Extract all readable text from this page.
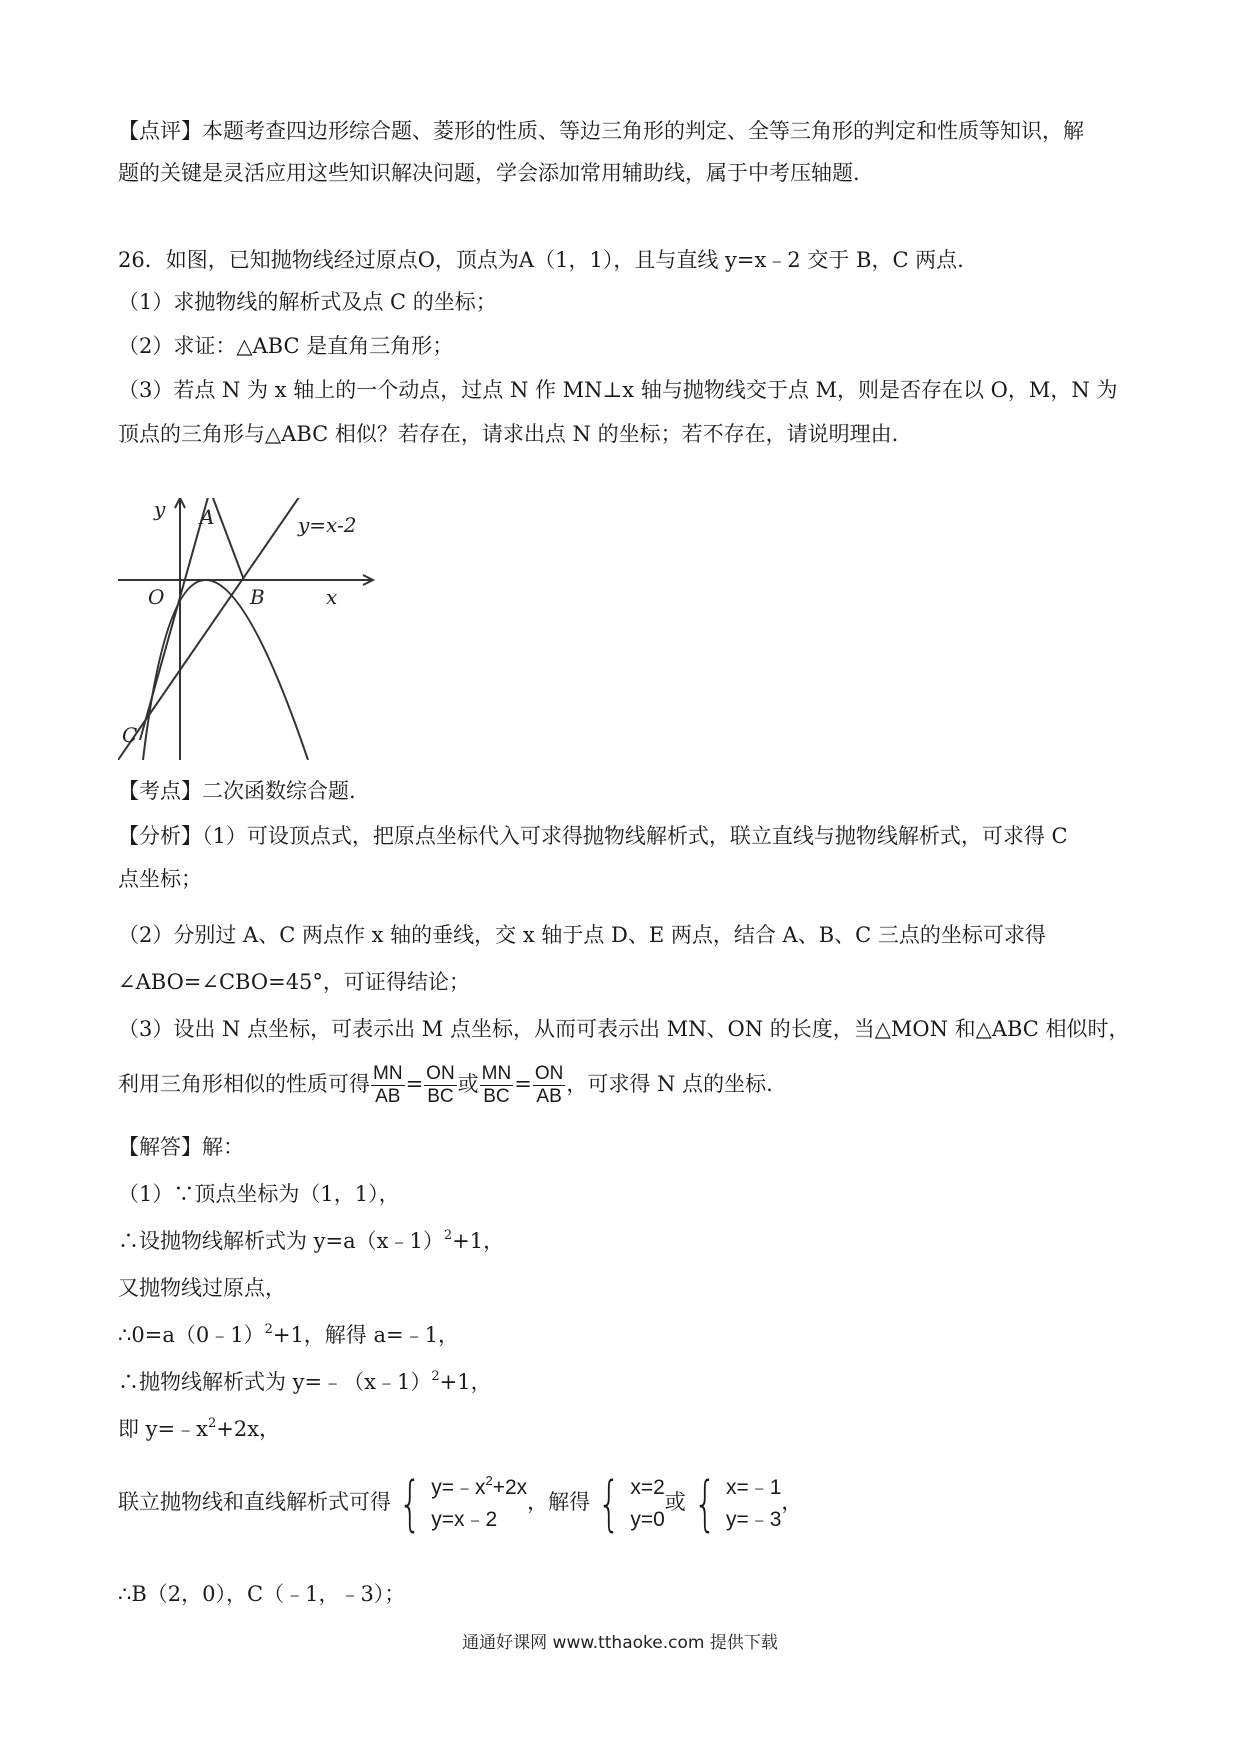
【点评】本题考查四边形综合题、菱形的性质、等边三角形的判定、全等三角形的判定和性质等知识，解
题的关键是灵活应用这些知识解决问题，学会添加常用辅助线，属于中考压轴题.
26．如图，已知抛物线经过原点O，顶点为A（1，1），且与直线 y=x﹣2 交于 B，C 两点.
（1）求抛物线的解析式及点 C 的坐标；
（2）求证：△ABC 是直角三角形；
（3）若点 N 为 x 轴上的一个动点，过点 N 作 MN⊥x 轴与抛物线交于点 M，则是否存在以 O，M，N 为
顶点的三角形与△ABC 相似？若存在，请求出点 N 的坐标；若不存在，请说明理由.
y A	y=x-2
O	B	x
C
【考点】二次函数综合题.
【分析】（1）可设顶点式，把原点坐标代入可求得抛物线解析式，联立直线与抛物线解析式，可求得 C
点坐标；
（2）分别过 A、C 两点作 x 轴的垂线，交 x 轴于点 D、E 两点，结合 A、B、C 三点的坐标可求得
∠ABO=∠CBO=45°，可证得结论；
（3）设出 N 点坐标，可表示出 M 点坐标，从而可表示出 MN、ON 的长度，当△MON 和△ABC 相似时，
利用三角形相似的性质可得 $\frac{MN}{AB} = \frac{ON}{BC}$ 或 $\frac{MN}{BC} = \frac{ON}{AB}$ ，可求得 N 点的坐标.
【解答】解：
（1）∵顶点坐标为（1，1），
∴设抛物线解析式为 y=a（x﹣1）$^2$+1，
又抛物线过原点，
∴0=a（0﹣1）$^2$+1，解得 a=﹣1，
∴抛物线解析式为 y=﹣（x﹣1）$^2$+1，
即 $y=﹣x^2+2x$，
联立抛物线和直线解析式可得 { $y=﹣x^2+2x$
y=x﹣2
，解得 { x=2
y=0
或 { x=﹣1
y=﹣3
，
∴B（2，0），C（﹣1，﹣3）；
通通好课网 www.tthaoke.com 提供下载
